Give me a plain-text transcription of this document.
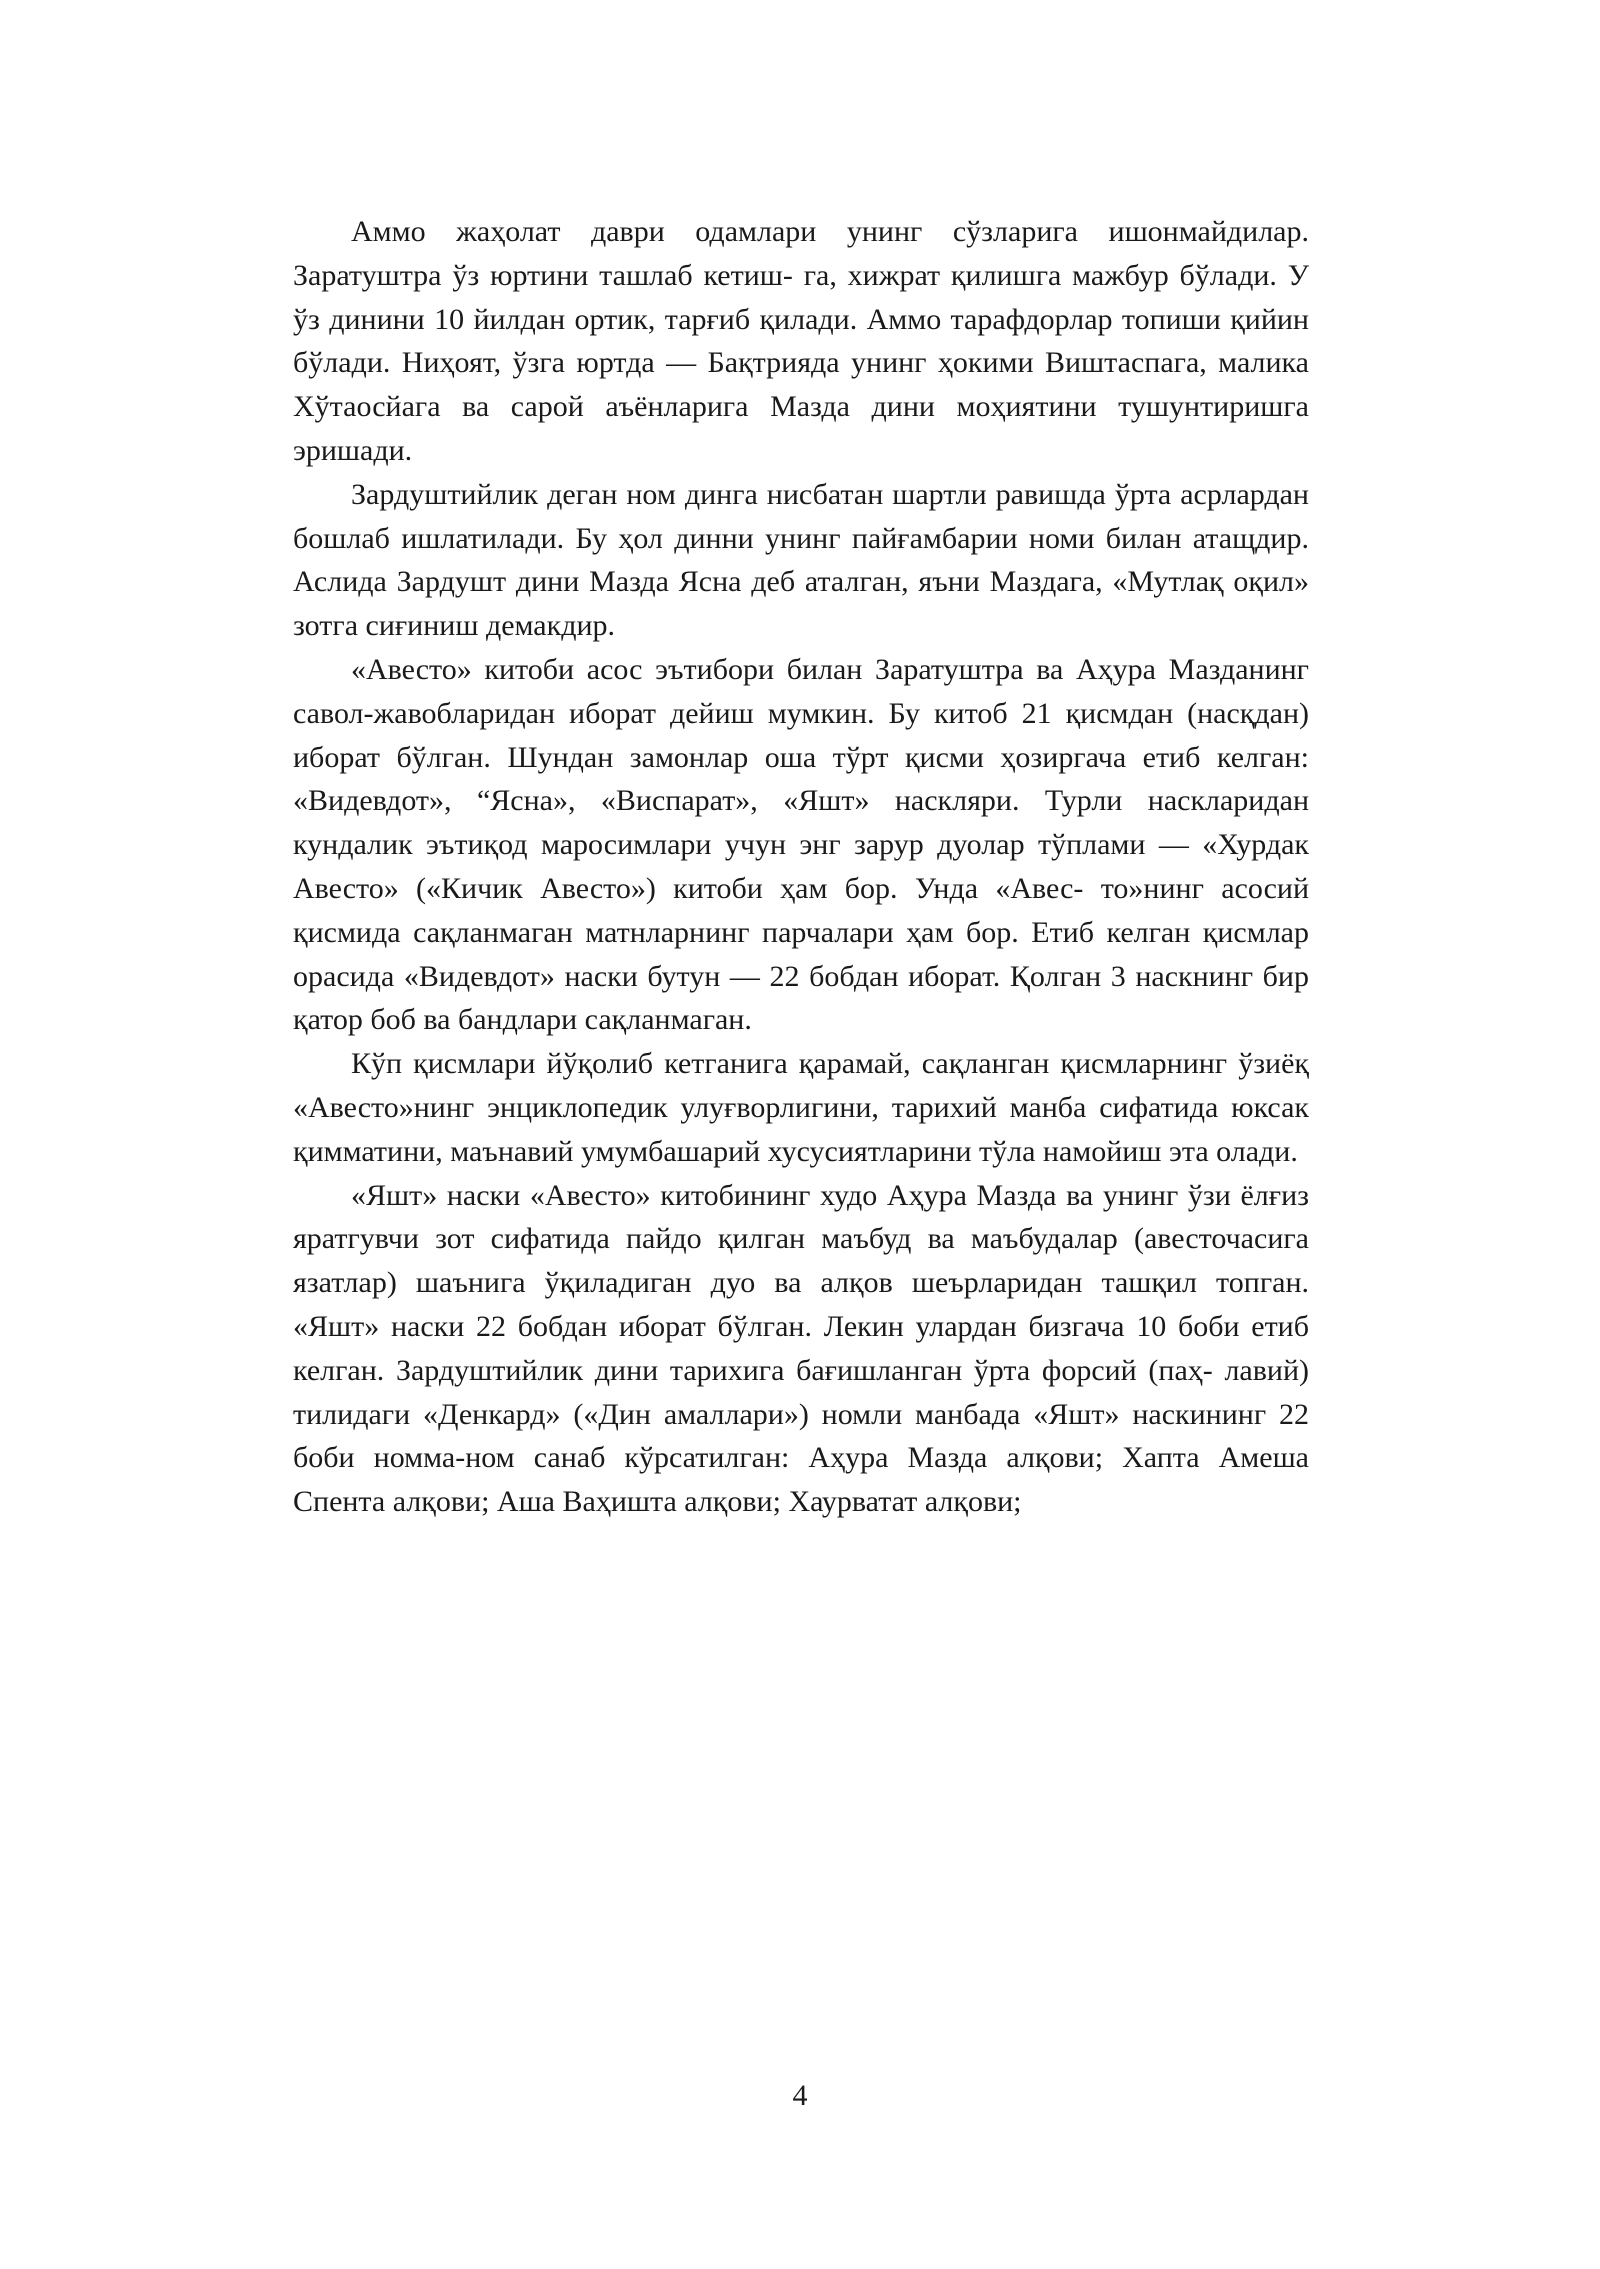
Аммо жаҳолат даври одамлари унинг сўзларига ишонмайдилар. Заратуштра ўз юртини ташлаб кетиш- га, хижрат қилишга мажбур бўлади. У ўз динини 10 йилдан ортик, тарғиб қилади. Аммо тарафдорлар топиши қийин бўлади. Ниҳоят, ўзга юртда — Бақтрияда унинг ҳокими Виштаспага, малика Хўтаосйага ва сарой аъёнларига Мазда дини моҳиятини тушунтиришга эришади.

Зардуштийлик деган ном динга нисбатан шартли равишда ўрта асрлардан бошлаб ишлатилади. Бу ҳол динни унинг пайғамбарии номи билан атащдир. Аслида Зардушт дини Мазда Ясна деб аталган, яъни Маздага, «Мутлақ оқил» зотга сиғиниш демакдир.

«Авесто» китоби асос эътибори билан Заратуштра ва Аҳура Мазданинг савол-жавобларидан иборат дейиш мумкин. Бу китоб 21 қисмдан (насқдан) иборат бўлган. Шундан замонлар оша тўрт қисми ҳозиргача етиб келган: «Видевдот», “Ясна», «Виспарат», «Яшт» наскляри. Турли наскларидан кундалик эътиқод маросимлари учун энг зарур дуолар тўплами — «Хурдак Авесто» («Кичик Авесто») китоби ҳам бор. Унда «Авес- то»нинг асосий қисмида сақланмаган матнларнинг парчалари ҳам бор. Етиб келган қисмлар орасида «Видевдот» наски бутун — 22 бобдан иборат. Қолган 3 наскнинг бир қатор боб ва бандлари сақланмаган.

Кўп қисмлари йўқолиб кетганига қарамай, сақланган қисмларнинг ўзиёқ «Авесто»нинг энциклопедик улуғворлигини, тарихий манба сифатида юксак қимматини, маънавий умумбашарий хусусиятларини тўла намойиш эта олади.

«Яшт» наски «Авесто» китобининг худо Аҳура Мазда ва унинг ўзи ёлғиз яратгувчи зот сифатида пайдо қилган маъбуд ва маъбудалар (авесточасига язатлар) шаънига ўқиладиган дуо ва алқов шеърларидан ташқил топган. «Яшт» наски 22 бобдан иборат бўлган. Лекин улардан бизгача 10 боби етиб келган. Зардуштийлик дини тарихига бағишланган ўрта форсий (паҳ- лавий) тилидаги «Денкард» («Дин амаллари») номли манбада «Яшт» наскининг 22 боби номма-ном санаб кўрсатилган: Аҳура Мазда алқови; Хапта Амеша Спента алқови; Аша Ваҳишта алқови; Хаурватат алқови;

4
